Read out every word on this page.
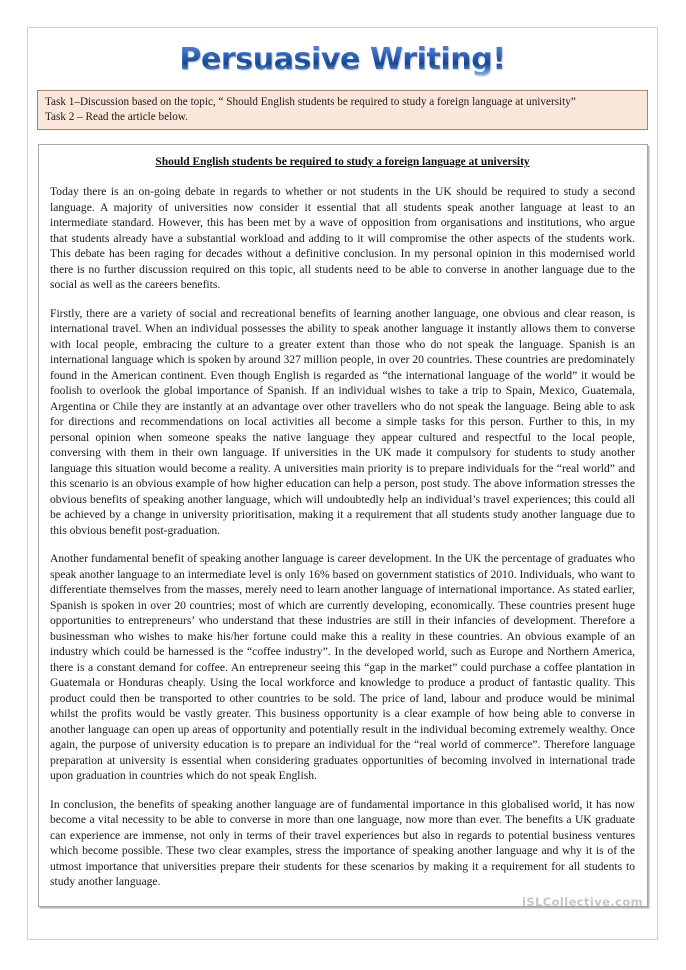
Persuasive Writing!
Task 1–Discussion based on the topic, “ Should English students be required to study a foreign language at university”
Task 2 – Read the article below.
Should English students be required to study a foreign language at university

Today there is an on-going debate in regards to whether or not students in the UK should be required to study a second language. A majority of universities now consider it essential that all students speak another language at least to an intermediate standard. However, this has been met by a wave of opposition from organisations and institutions, who argue that students already have a substantial workload and adding to it will compromise the other aspects of the students work. This debate has been raging for decades without a definitive conclusion. In my personal opinion in this modernised world there is no further discussion required on this topic, all students need to be able to converse in another language due to the social as well as the careers benefits.

Firstly, there are a variety of social and recreational benefits of learning another language, one obvious and clear reason, is international travel. When an individual possesses the ability to speak another language it instantly allows them to converse with local people, embracing the culture to a greater extent than those who do not speak the language. Spanish is an international language which is spoken by around 327 million people, in over 20 countries. These countries are predominately found in the American continent. Even though English is regarded as “the international language of the world” it would be foolish to overlook the global importance of Spanish. If an individual wishes to take a trip to Spain, Mexico, Guatemala, Argentina or Chile they are instantly at an advantage over other travellers who do not speak the language. Being able to ask for directions and recommendations on local activities all become a simple tasks for this person. Further to this, in my personal opinion when someone speaks the native language they appear cultured and respectful to the local people, conversing with them in their own language. If universities in the UK made it compulsory for students to study another language this situation would become a reality. A universities main priority is to prepare individuals for the “real world” and this scenario is an obvious example of how higher education can help a person, post study. The above information stresses the obvious benefits of speaking another language, which will undoubtedly help an individual’s travel experiences; this could all be achieved by a change in university prioritisation, making it a requirement that all students study another language due to this obvious benefit post-graduation.

Another fundamental benefit of speaking another language is career development. In the UK the percentage of graduates who speak another language to an intermediate level is only 16% based on government statistics of 2010. Individuals, who want to differentiate themselves from the masses, merely need to learn another language of international importance. As stated earlier, Spanish is spoken in over 20 countries; most of which are currently developing, economically. These countries present huge opportunities to entrepreneurs’ who understand that these industries are still in their infancies of development. Therefore a businessman who wishes to make his/her fortune could make this a reality in these countries. An obvious example of an industry which could be harnessed is the “coffee industry”. In the developed world, such as Europe and Northern America, there is a constant demand for coffee. An entrepreneur seeing this “gap in the market” could purchase a coffee plantation in Guatemala or Honduras cheaply. Using the local workforce and knowledge to produce a product of fantastic quality. This product could then be transported to other countries to be sold. The price of land, labour and produce would be minimal whilst the profits would be vastly greater. This business opportunity is a clear example of how being able to converse in another language can open up areas of opportunity and potentially result in the individual becoming extremely wealthy. Once again, the purpose of university education is to prepare an individual for the “real world of commerce”. Therefore language preparation at university is essential when considering graduates opportunities of becoming involved in international trade upon graduation in countries which do not speak English.

In conclusion, the benefits of speaking another language are of fundamental importance in this globalised world, it has now become a vital necessity to be able to converse in more than one language, now more than ever. The benefits a UK graduate can experience are immense, not only in terms of their travel experiences but also in regards to potential business ventures which become possible. These two clear examples, stress the importance of speaking another language and why it is of the utmost importance that universities prepare their students for these scenarios by making it a requirement for all students to study another language.

iSLCollective.com
